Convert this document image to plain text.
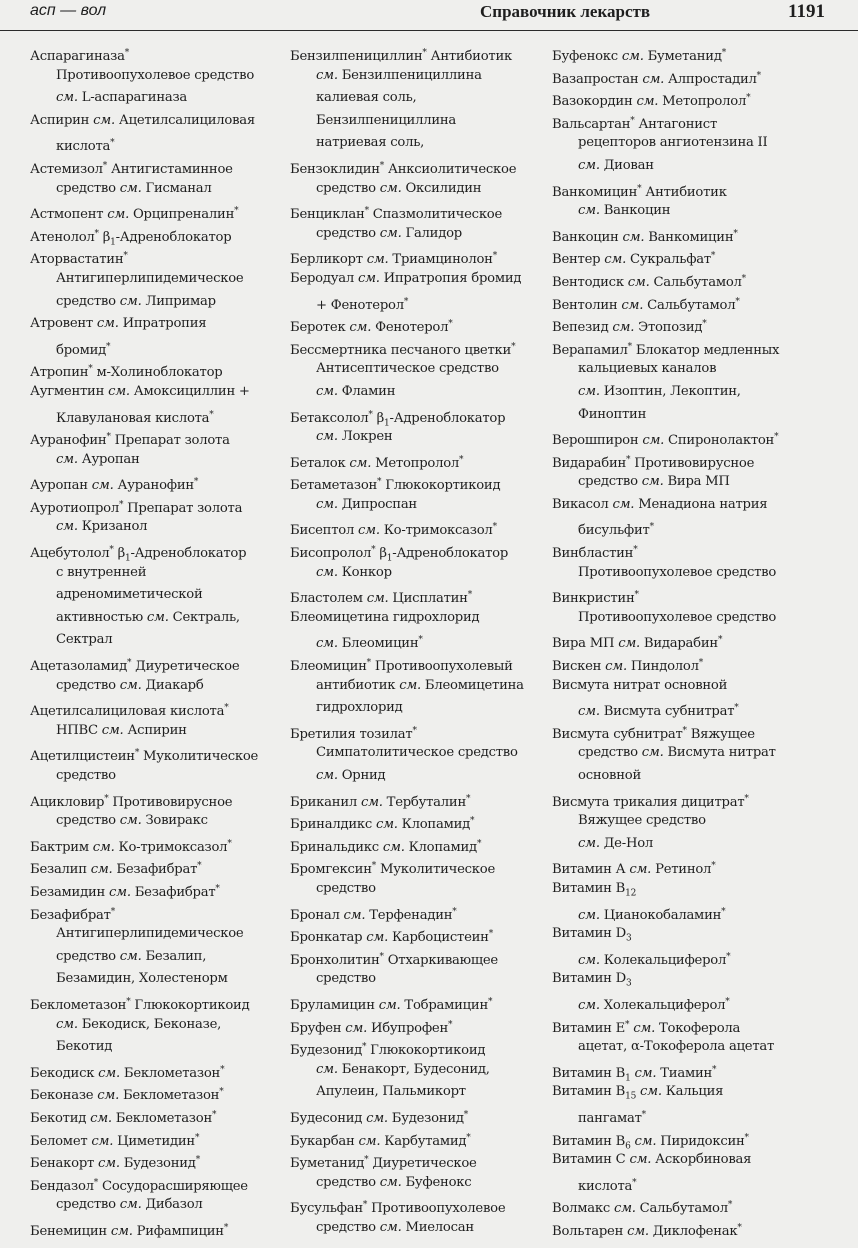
асп — вол	Справочник лекарств	1191
Аспарагиназа*
Противоопухолевое средство
см. L-аспарагиназа
Аспирин см. Ацетилсалициловая
кислота*
Астемизол* Антигистаминное
средство см. Гисманал
Астмопент см. Орципреналин*
Атенолол* $\beta_1$-Адреноблокатор
Аторвастатин*
Антигиперлипидемическое
средство см. Липримар
Атровент см. Ипратропия
бромид*
Атропин* м-Холиноблокатор
Аугментин см. Амоксициллин +
Клавулановая кислота*
Ауранофин* Препарат золота
см. Ауропан
Ауропан см. Ауранофин*
Ауротиопрол* Препарат золота
см. Кризанол
Ацебутолол* $\beta_1$-Адреноблокатор
с внутренней
адреномиметической
активностью см. Сектраль,
Сектрал
Ацетазоламид* Диуретическое
средство см. Диакарб
Ацетилсалициловая кислота*
НПВС см. Аспирин
Ацетилцистеин* Муколитическое
средство
Ацикловир* Противовирусное
средство см. Зовиракс
Бактрим см. Ко-тримоксазол*
Безалип см. Безафибрат*
Безамидин см. Безафибрат*
Безафибрат*
Антигиперлипидемическое
средство см. Безалип,
Безамидин, Холестенорм
Беклометазон* Глюкокортикоид
см. Бекодиск, Беконазе,
Бекотид
Бекодиск см. Беклометазон*
Беконазе см. Беклометазон*
Бекотид см. Беклометазон*
Беломет см. Циметидин*
Бенакорт см. Будезонид*
Бендазол* Сосудорасширяющее
средство см. Дибазол
Бенемицин см. Рифампицин*
Бензилпенициллин* Антибиотик
см. Бензилпенициллина
калиевая соль,
Бензилпенициллина
натриевая соль,
Бензоклидин* Анксиолитическое
средство см. Оксилидин
Бенциклан* Спазмолитическое
средство см. Галидор
Берликорт см. Триамцинолон*
Беродуал см. Ипратропия бромид
+ Фенотерол*
Беротек см. Фенотерол*
Бессмертника песчаного цветки*
Антисептическое средство
см. Фламин
Бетаксолол* $\beta_1$-Адреноблокатор
см. Локрен
Беталок см. Метопролол*
Бетаметазон* Глюкокортикоид
см. Дипроспан
Бисептол см. Ко-тримоксазол*
Бисопролол* $\beta_1$-Адреноблокатор
см. Конкор
Бластолем см. Цисплатин*
Блеомицетина гидрохлорид
см. Блеомицин*
Блеомицин* Противоопухолевый
антибиотик см. Блеомицетина
гидрохлорид
Бретилия тозилат*
Симпатолитическое средство
см. Орнид
Бриканил см. Тербуталин*
Бриналдикс см. Клопамид*
Бринальдикс см. Клопамид*
Бромгексин* Муколитическое
средство
Бронал см. Терфенадин*
Бронкатар см. Карбоцистеин*
Бронхолитин* Отхаркивающее
средство
Бруламицин см. Тобрамицин*
Бруфен см. Ибупрофен*
Будезонид* Глюкокортикоид
см. Бенакорт, Будесонид,
Апулеин, Пальмикорт
Будесонид см. Будезонид*
Букарбан см. Карбутамид*
Буметанид* Диуретическое
средство см. Буфенокс
Бусульфан* Противоопухолевое
средство см. Миелосан
Буфенокс см. Буметанид*
Вазапростан см. Алпростадил*
Вазокордин см. Метопролол*
Вальсартан* Антагонист
рецепторов ангиотензина II
см. Диован
Ванкомицин* Антибиотик
см. Ванкоцин
Ванкоцин см. Ванкомицин*
Вентер см. Сукральфат*
Вентодиск см. Сальбутамол*
Вентолин см. Сальбутамол*
Вепезид см. Этопозид*
Верапамил* Блокатор медленных
кальциевых каналов
см. Изоптин, Лекоптин,
Финоптин
Верошпирон см. Спиронолактон*
Видарабин* Противовирусное
средство см. Вира МП
Викасол см. Менадиона натрия
бисульфит*
Винбластин*
Противоопухолевое средство
Винкристин*
Противоопухолевое средство
Вира МП см. Видарабин*
Вискен см. Пиндолол*
Висмута нитрат основной
см. Висмута субнитрат*
Висмута субнитрат* Вяжущее
средство см. Висмута нитрат
основной
Висмута трикалия дицитрат*
Вяжущее средство
см. Де-Нол
Витамин А см. Ретинол*
Витамин $B_{12}$
см. Цианокобаламин*
Витамин $D_3$
см. Колекальциферол*
Витамин $D_3$
см. Холекальциферол*
Витамин Е* см. Токоферола
ацетат, α-Токоферола ацетат
Витамин $B_1$ см. Тиамин*
Витамин $B_{15}$ см. Кальция
пангамат*
Витамин $B_6$ см. Пиридоксин*
Витамин С см. Аскорбиновая
кислота*
Волмакс см. Сальбутамол*
Вольтарен см. Диклофенак*
